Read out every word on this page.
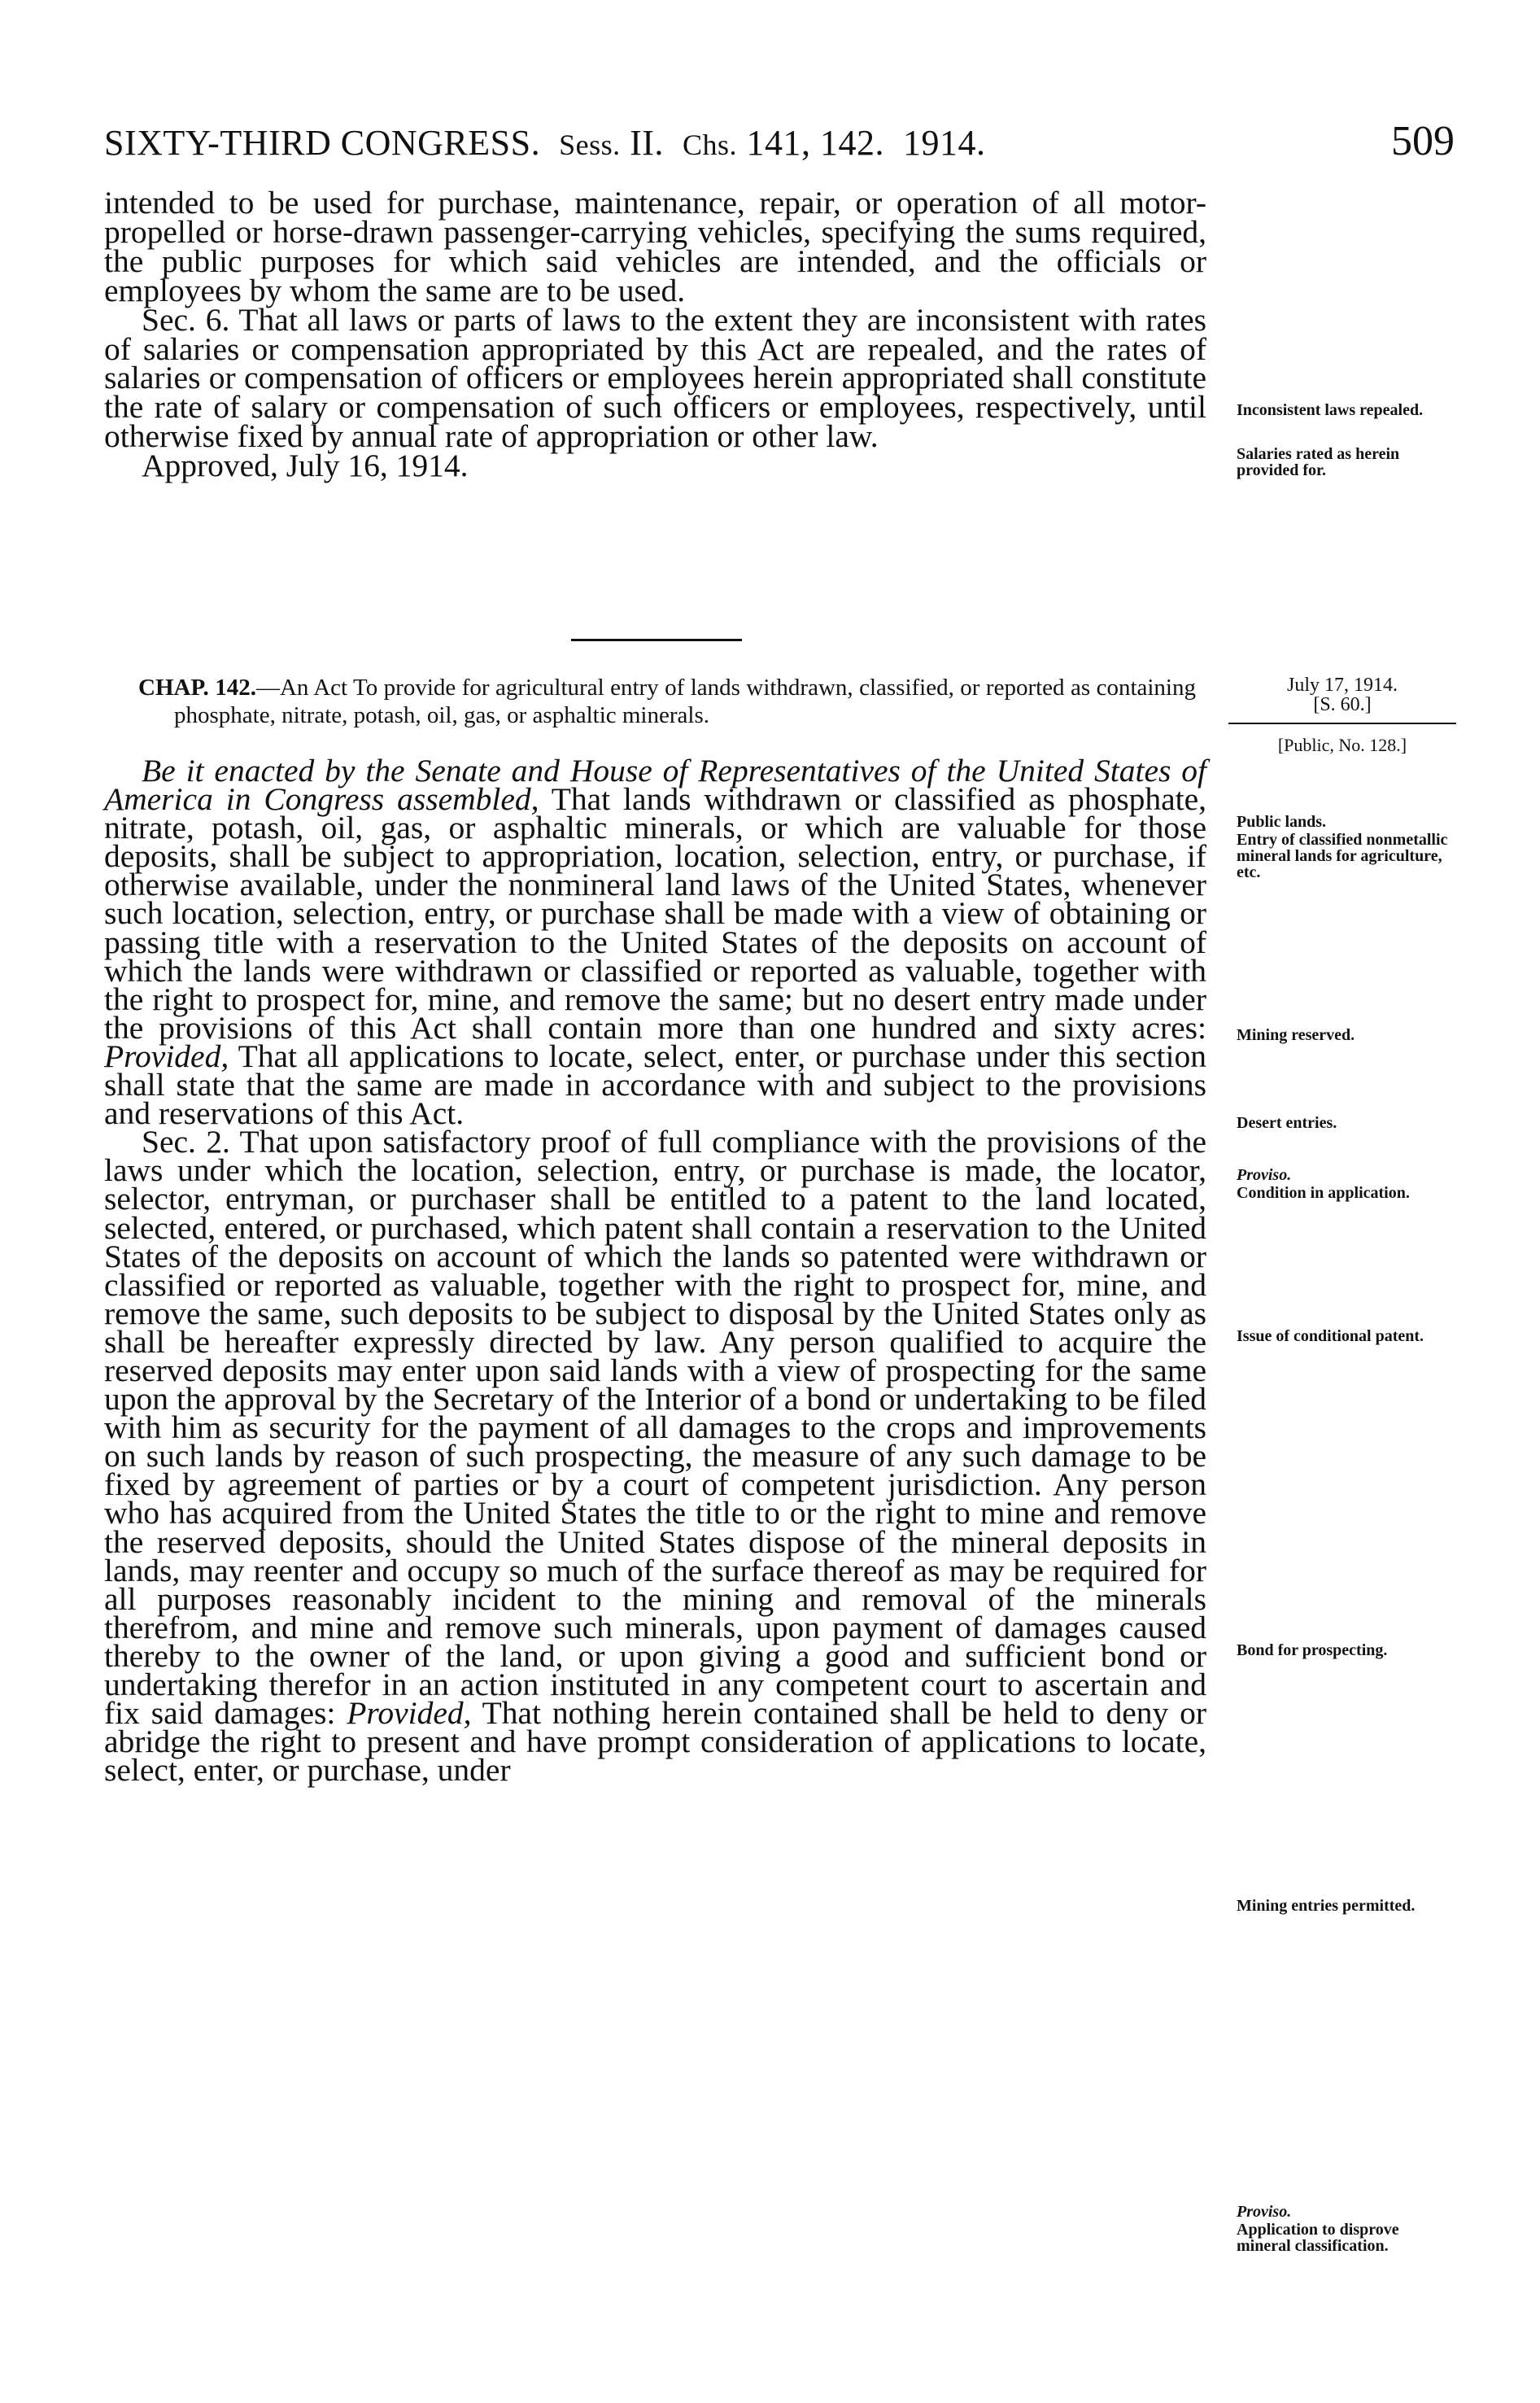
SIXTY-THIRD CONGRESS. Sess. II. Chs. 141, 142. 1914.	509

intended to be used for purchase, maintenance, repair, or operation of all motor-propelled or horse-drawn passenger-carrying vehicles, specifying the sums required, the public purposes for which said vehicles are intended, and the officials or employees by whom the same are to be used.

Sec. 6. That all laws or parts of laws to the extent they are inconsistent with rates of salaries or compensation appropriated by this Act are repealed, and the rates of salaries or compensation of officers or employees herein appropriated shall constitute the rate of salary or compensation of such officers or employees, respectively, until otherwise fixed by annual rate of appropriation or other law.

Approved, July 16, 1914.

Inconsistent laws repealed.
Salaries rated as herein provided for.
CHAP. 142.—An Act To provide for agricultural entry of lands withdrawn, classified, or reported as containing phosphate, nitrate, potash, oil, gas, or asphaltic minerals.
July 17, 1914.
[S. 60.]
[Public, No. 128.]

Be it enacted by the Senate and House of Representatives of the United States of America in Congress assembled, That lands withdrawn or classified as phosphate, nitrate, potash, oil, gas, or asphaltic minerals, or which are valuable for those deposits, shall be subject to appropriation, location, selection, entry, or purchase, if otherwise available, under the nonmineral land laws of the United States, whenever such location, selection, entry, or purchase shall be made with a view of obtaining or passing title with a reservation to the United States of the deposits on account of which the lands were withdrawn or classified or reported as valuable, together with the right to prospect for, mine, and remove the same; but no desert entry made under the provisions of this Act shall contain more than one hundred and sixty acres: Provided, That all applications to locate, select, enter, or purchase under this section shall state that the same are made in accordance with and subject to the provisions and reservations of this Act.

Sec. 2. That upon satisfactory proof of full compliance with the provisions of the laws under which the location, selection, entry, or purchase is made, the locator, selector, entryman, or purchaser shall be entitled to a patent to the land located, selected, entered, or purchased, which patent shall contain a reservation to the United States of the deposits on account of which the lands so patented were withdrawn or classified or reported as valuable, together with the right to prospect for, mine, and remove the same, such deposits to be subject to disposal by the United States only as shall be hereafter expressly directed by law. Any person qualified to acquire the reserved deposits may enter upon said lands with a view of prospecting for the same upon the approval by the Secretary of the Interior of a bond or undertaking to be filed with him as security for the payment of all damages to the crops and improvements on such lands by reason of such prospecting, the measure of any such damage to be fixed by agreement of parties or by a court of competent jurisdiction. Any person who has acquired from the United States the title to or the right to mine and remove the reserved deposits, should the United States dispose of the mineral deposits in lands, may reenter and occupy so much of the surface thereof as may be required for all purposes reasonably incident to the mining and removal of the minerals therefrom, and mine and remove such minerals, upon payment of damages caused thereby to the owner of the land, or upon giving a good and sufficient bond or undertaking therefor in an action instituted in any competent court to ascertain and fix said damages: Provided, That nothing herein contained shall be held to deny or abridge the right to present and have prompt consideration of applications to locate, select, enter, or purchase, under

Public lands.
Entry of classified nonmetallic mineral lands for agriculture, etc.
Mining reserved.
Desert entries.
Proviso.
Condition in application.
Issue of conditional patent.
Bond for prospecting.
Mining entries permitted.
Proviso.
Application to disprove mineral classification.
